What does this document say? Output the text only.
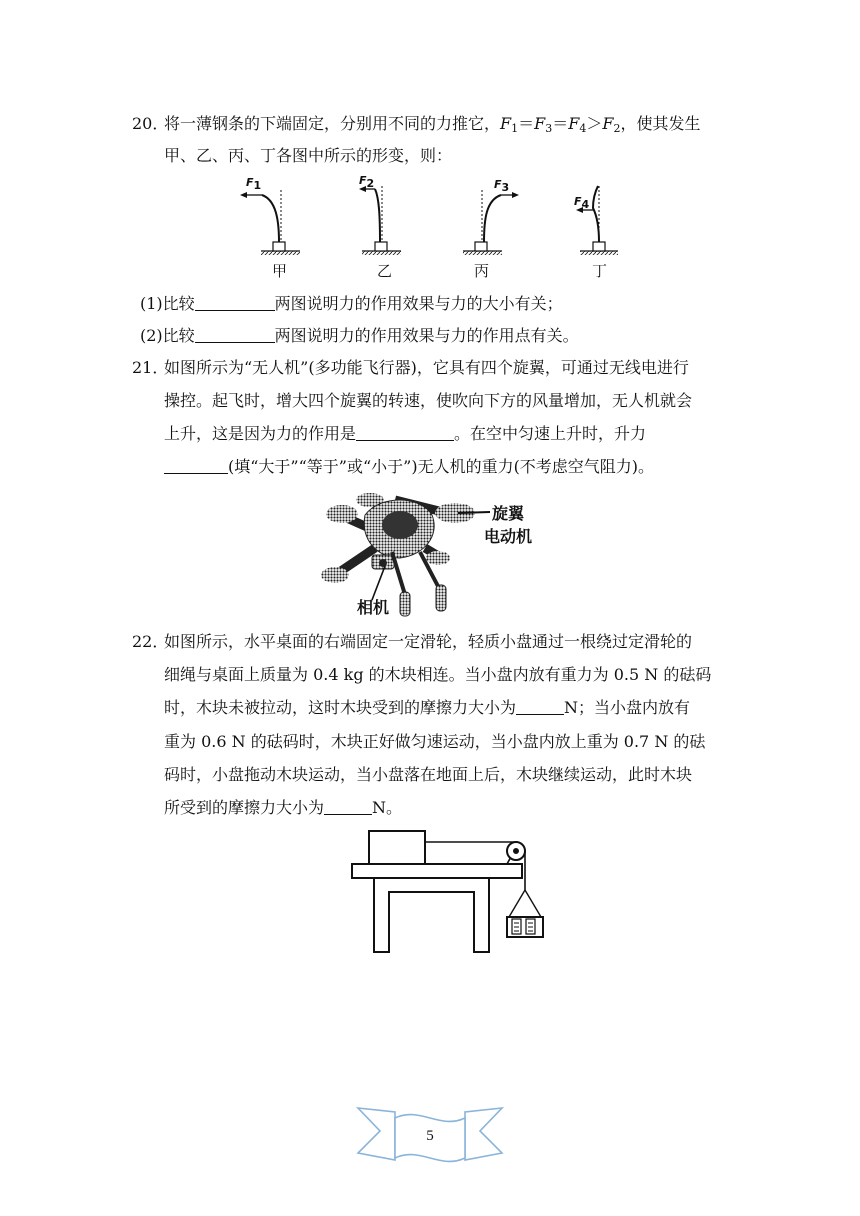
20．
将一薄钢条的下端固定，分别用不同的力推它，$F_1=F_3=F_4>F_2$，使其发生
甲、乙、丙、丁各图中所示的形变，则：
$F_1$	$F_2$	$F_3$
$F_4$
甲	乙	丙	丁
(1)比较	两图说明力的作用效果与力的大小有关；
(2)比较	两图说明力的作用效果与力的作用点有关。
21．
如图所示为“无人机”(多功能飞行器)，它具有四个旋翼，可通过无线电进行
操控。起飞时，增大四个旋翼的转速，使吹向下方的风量增加，无人机就会
上升，这是因为力的作用是	。在空中匀速上升时，升力
(填“大于”“等于”或“小于”)无人机的重力(不考虑空气阻力)。
旋翼
电动机
相机
22．
如图所示，水平桌面的右端固定一定滑轮，轻质小盘通过一根绕过定滑轮的
细绳与桌面上质量为 0.4 kg 的木块相连。当小盘内放有重力为 0.5 N 的砝码
时，木块未被拉动，这时木块受到的摩擦力大小为	N；当小盘内放有
重为 0.6 N 的砝码时，木块正好做匀速运动，当小盘内放上重为 0.7 N 的砝
码时，小盘拖动木块运动，当小盘落在地面上后，木块继续运动，此时木块
所受到的摩擦力大小为	N。
5
